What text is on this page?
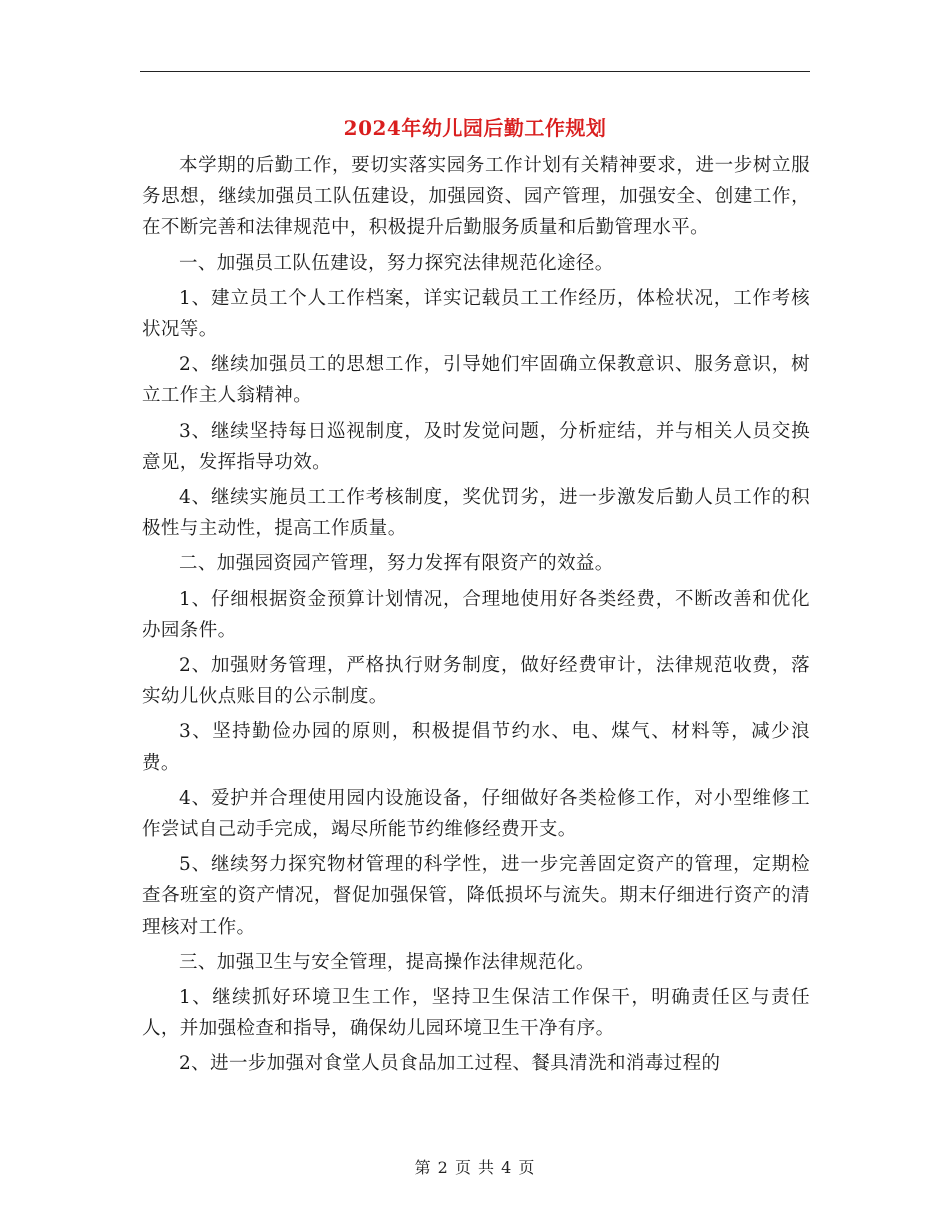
2024年幼儿园后勤工作规划

本学期的后勤工作，要切实落实园务工作计划有关精神要求，进一步树立服务思想，继续加强员工队伍建设，加强园资、园产管理，加强安全、创建工作，在不断完善和法律规范中，积极提升后勤服务质量和后勤管理水平。

一、加强员工队伍建设，努力探究法律规范化途径。

1、建立员工个人工作档案，详实记载员工工作经历，体检状况，工作考核状况等。

2、继续加强员工的思想工作，引导她们牢固确立保教意识、服务意识，树立工作主人翁精神。

3、继续坚持每日巡视制度，及时发觉问题，分析症结，并与相关人员交换意见，发挥指导功效。

4、继续实施员工工作考核制度，奖优罚劣，进一步激发后勤人员工作的积极性与主动性，提高工作质量。

二、加强园资园产管理，努力发挥有限资产的效益。

1、仔细根据资金预算计划情况，合理地使用好各类经费，不断改善和优化办园条件。

2、加强财务管理，严格执行财务制度，做好经费审计，法律规范收费，落实幼儿伙点账目的公示制度。

3、坚持勤俭办园的原则，积极提倡节约水、电、煤气、材料等，减少浪费。

4、爱护并合理使用园内设施设备，仔细做好各类检修工作，对小型维修工作尝试自己动手完成，竭尽所能节约维修经费开支。

5、继续努力探究物材管理的科学性，进一步完善固定资产的管理，定期检查各班室的资产情况，督促加强保管，降低损坏与流失。期末仔细进行资产的清理核对工作。

三、加强卫生与安全管理，提高操作法律规范化。

1、继续抓好环境卫生工作，坚持卫生保洁工作保干，明确责任区与责任人，并加强检查和指导，确保幼儿园环境卫生干净有序。

2、进一步加强对食堂人员食品加工过程、餐具清洗和消毒过程的

第 2 页 共 4 页
